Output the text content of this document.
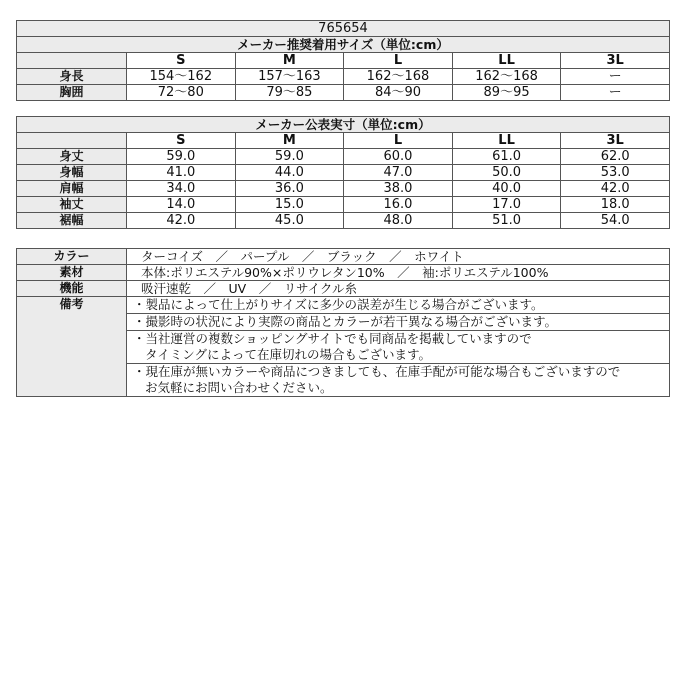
765654					
メーカー推奨着用サイズ（単位:cm）					
	S	M	L	LL	3L
身長	154〜162	157〜163	162〜168	162〜168	ー
胸囲	72〜80	79〜85	84〜90	89〜95	ー
メーカー公表実寸（単位:cm）					
	S	M	L	LL	3L
身丈	59.0	59.0	60.0	61.0	62.0
身幅	41.0	44.0	47.0	50.0	53.0
肩幅	34.0	36.0	38.0	40.0	42.0
袖丈	14.0	15.0	16.0	17.0	18.0
裾幅	42.0	45.0	48.0	51.0	54.0
カラー	ターコイズ　／　パープル　／　ブラック　／　ホワイト
素材	本体:ポリエステル90%×ポリウレタン10%　／　袖:ポリエステル100%
機能	吸汗速乾　／　UV　／　リサイクル糸
備考	・製品によって仕上がりサイズに多少の誤差が生じる場合がございます。

	・撮影時の状況により実際の商品とカラーが若干異なる場合がございます。

	・当社運営の複数ショッピングサイトでも同商品を掲載していますので
タイミングによって在庫切れの場合もございます。

	・現在庫が無いカラーや商品につきましても、在庫手配が可能な場合もございますので
お気軽にお問い合わせください。
